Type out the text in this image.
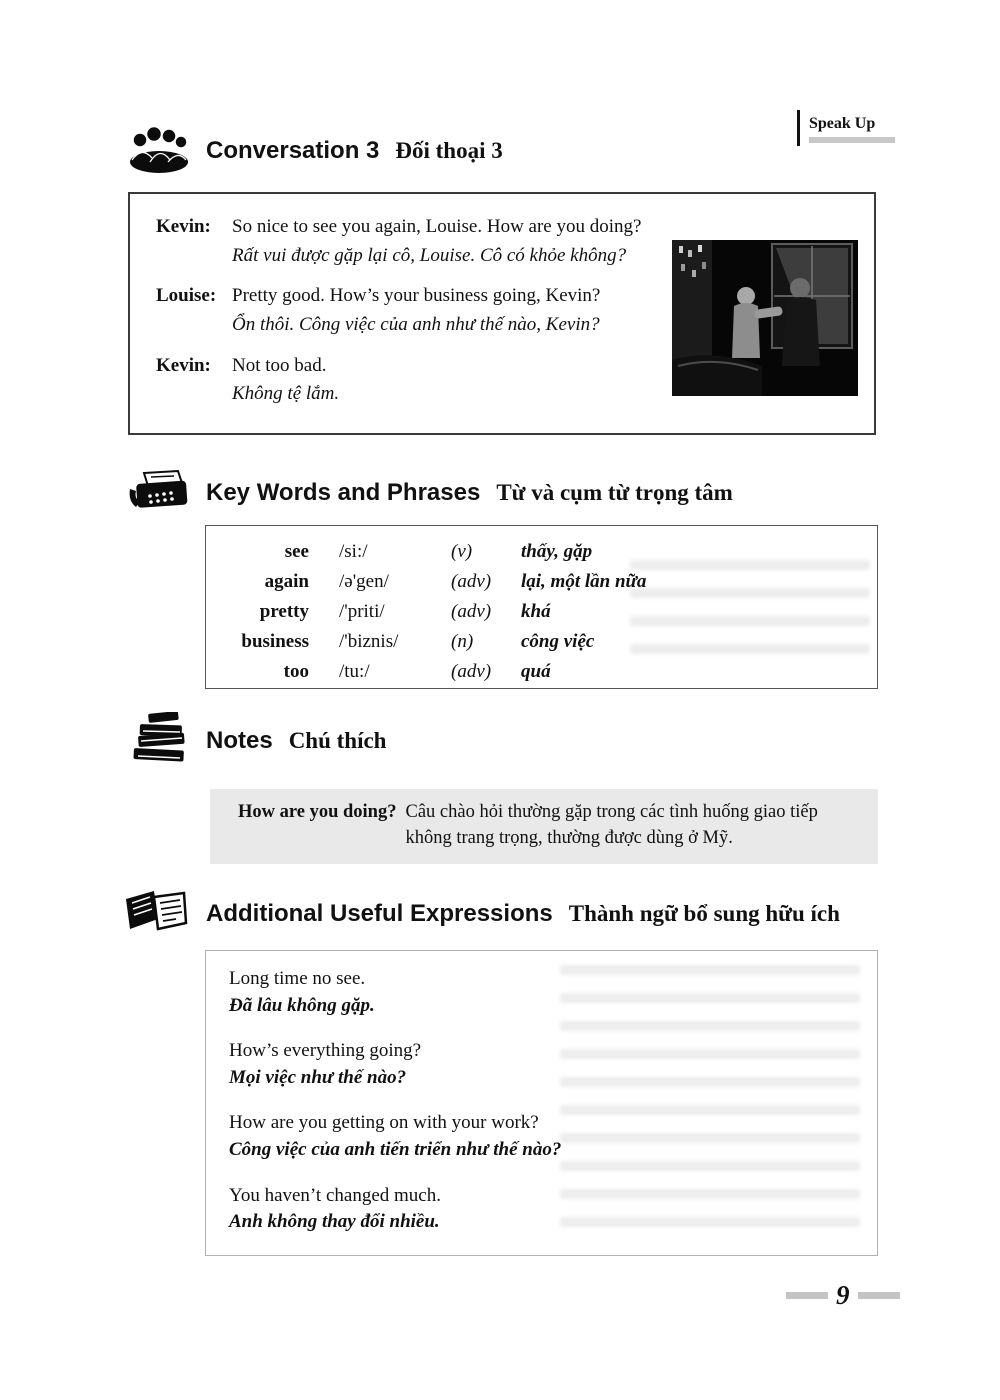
Speak Up
Conversation 3 Đối thoại 3
Kevin:	So nice to see you again, Louise. How are you doing?
Rất vui được gặp lại cô, Louise. Cô có khỏe không?
Louise: Pretty good. How’s your business going, Kevin?
Ổn thôi. Công việc của anh như thế nào, Kevin?
Kevin:	Not too bad.
Không tệ lắm.
Key Words and Phrases Từ và cụm từ trọng tâm
see /si:/	(v)	thấy, gặp
again /ə'gen/	(adv)	lại, một lần nữa
pretty /'priti/	(adv)	khá
business /'biznis/	(n)	công việc
too /tu:/	(adv)	quá
Notes Chú thích
How are you doing? Câu chào hỏi thường gặp trong các tình huống giao tiếp không trang trọng, thường được dùng ở Mỹ.
Additional Useful Expressions Thành ngữ bổ sung hữu ích
Long time no see.
Đã lâu không gặp.
How’s everything going?
Mọi việc như thế nào?
How are you getting on with your work?
Công việc của anh tiến triển như thế nào?
You haven’t changed much.
Anh không thay đổi nhiều.
9
